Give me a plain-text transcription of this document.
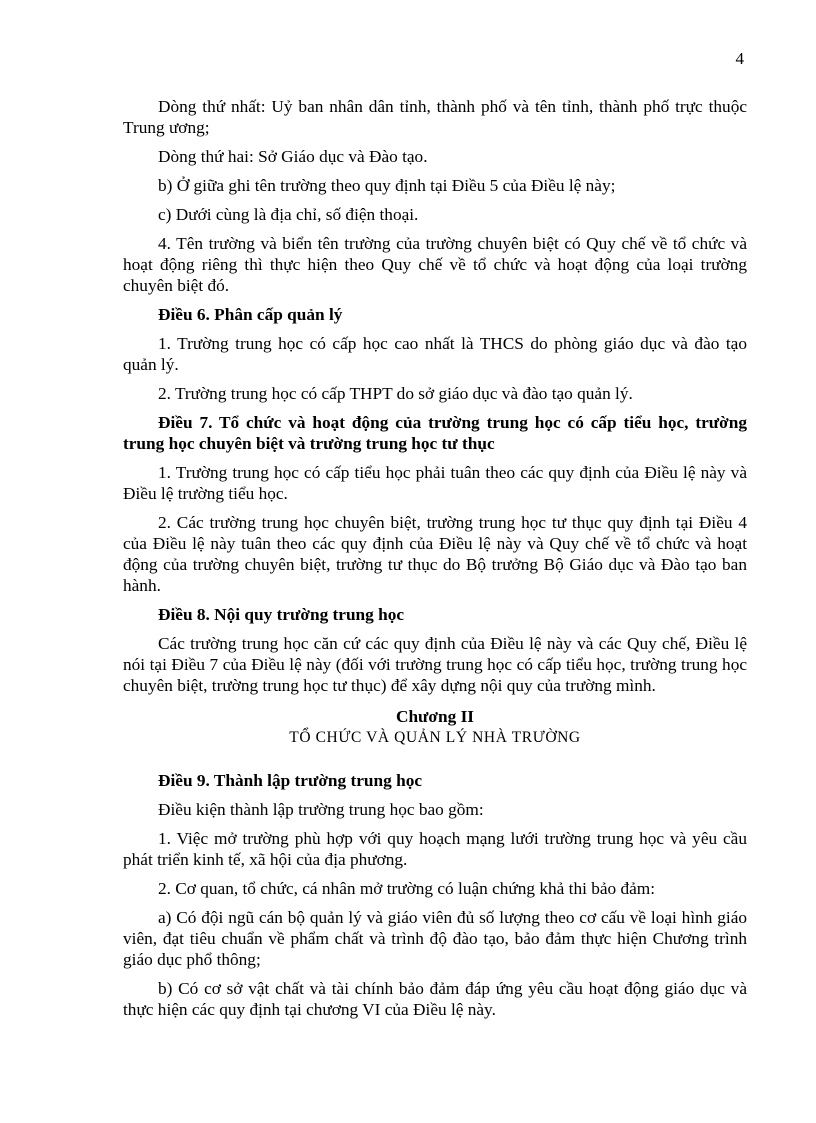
4

Dòng thứ nhất: Uỷ ban nhân dân tỉnh, thành phố và tên tỉnh, thành phố trực thuộc Trung ương;

Dòng thứ hai: Sở Giáo dục và Đào tạo.

b) Ở giữa ghi tên trường theo quy định tại Điều 5 của Điều lệ này;

c) Dưới cùng là địa chỉ, số điện thoại.

4. Tên trường và biển tên trường của trường chuyên biệt có Quy chế về tổ chức và hoạt động riêng thì thực hiện theo Quy chế về tổ chức và hoạt động của loại trường chuyên biệt đó.

Điều 6. Phân cấp quản lý

1. Trường trung học có cấp học cao nhất là THCS do phòng giáo dục và đào tạo quản lý.

2. Trường trung học có cấp THPT do sở giáo dục và đào tạo quản lý.

Điều 7. Tổ chức và hoạt động của trường trung học có cấp tiểu học, trường trung học chuyên biệt và trường trung học tư thục

1. Trường trung học có cấp tiểu học phải tuân theo các quy định của Điều lệ này và Điều lệ trường tiểu học.

2. Các trường trung học chuyên biệt, trường trung học tư thục quy định tại Điều 4 của Điều lệ này tuân theo các quy định của Điều lệ này và Quy chế về tổ chức và hoạt động của trường chuyên biệt, trường tư thục do Bộ trưởng Bộ Giáo dục và Đào tạo ban hành.

Điều 8. Nội quy trường trung học

Các trường trung học căn cứ các quy định của Điều lệ này và các Quy chế, Điều lệ nói tại Điều 7 của Điều lệ này (đối với trường trung học có cấp tiểu học, trường trung học chuyên biệt, trường trung học tư thục) để xây dựng nội quy của trường mình.

Chương II

TỔ CHỨC VÀ QUẢN LÝ NHÀ TRƯỜNG

Điều 9. Thành lập trường trung học

Điều kiện thành lập trường trung học bao gồm:

1. Việc mở trường phù hợp với quy hoạch mạng lưới trường trung học và yêu cầu phát triển kinh tế, xã hội của địa phương.

2. Cơ quan, tổ chức, cá nhân mở trường có luận chứng khả thi bảo đảm:

a) Có đội ngũ cán bộ quản lý và giáo viên đủ số lượng theo cơ cấu về loại hình giáo viên, đạt tiêu chuẩn về phẩm chất và trình độ đào tạo, bảo đảm thực hiện Chương trình giáo dục phổ thông;

b) Có cơ sở vật chất và tài chính bảo đảm đáp ứng yêu cầu hoạt động giáo dục và thực hiện các quy định tại chương VI của Điều lệ này.
